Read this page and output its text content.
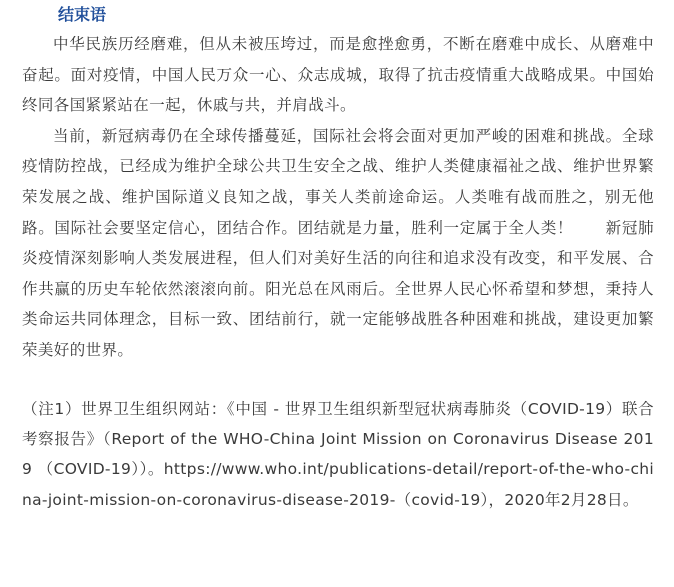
结束语

中华民族历经磨难，但从未被压垮过，而是愈挫愈勇，不断在磨难中成长、从磨难中奋起。面对疫情，中国人民万众一心、众志成城，取得了抗击疫情重大战略成果。中国始终同各国紧紧站在一起，休戚与共，并肩战斗。

当前，新冠病毒仍在全球传播蔓延，国际社会将会面对更加严峻的困难和挑战。全球疫情防控战，已经成为维护全球公共卫生安全之战、维护人类健康福祉之战、维护世界繁荣发展之战、维护国际道义良知之战，事关人类前途命运。人类唯有战而胜之，别无他路。国际社会要坚定信心，团结合作。团结就是力量，胜利一定属于全人类！　　新冠肺炎疫情深刻影响人类发展进程，但人们对美好生活的向往和追求没有改变，和平发展、合作共赢的历史车轮依然滚滚向前。阳光总在风雨后。全世界人民心怀希望和梦想，秉持人类命运共同体理念，目标一致、团结前行，就一定能够战胜各种困难和挑战，建设更加繁荣美好的世界。

（注1）世界卫生组织网站：《中国 - 世界卫生组织新型冠状病毒肺炎（COVID-19）联合考察报告》（Report of the WHO-China Joint Mission on Coronavirus Disease 2019 （COVID-19））。https://www.who.int/publications-detail/report-of-the-who-china-joint-mission-on-coronavirus-disease-2019-（covid-19），2020年2月28日。
